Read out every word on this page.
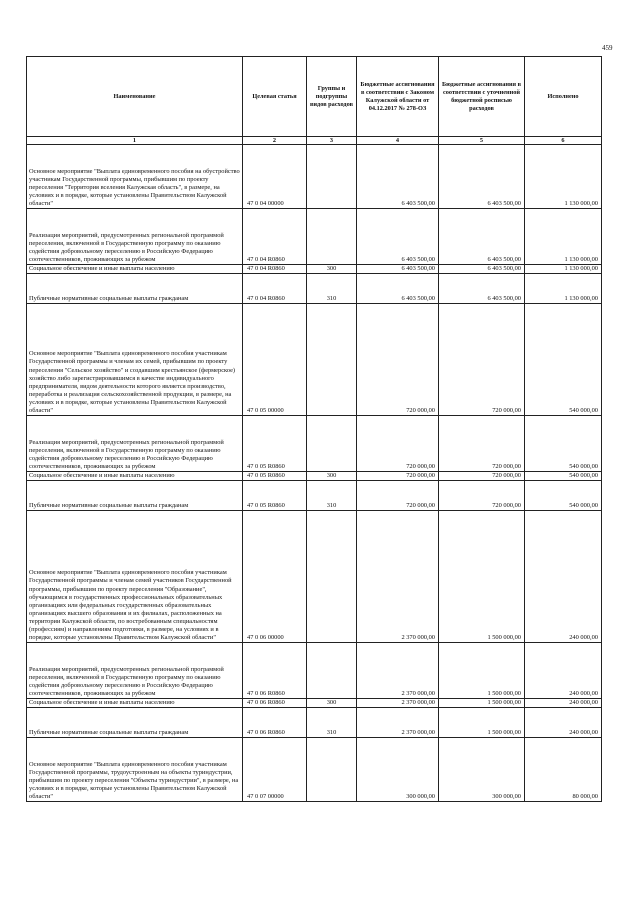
459
Наименование	Целевая статья	Группы и подгруппы видов расходов	Бюджетные ассигнования в соответствии с Законом Калужской области от 04.12.2017 № 278-ОЗ	Бюджетные ассигнования в соответствии с уточненной бюджетной росписью расходов	Исполнено
1	2	3	4	5	6
Основное мероприятие "Выплата единовременного пособия на обустройство участникам Государственной программы, прибывшим по проекту переселения "Территория вселения Калужская область", в размере, на условиях и в порядке, которые установлены Правительством Калужской области"	47 0 04 00000		6 403 500,00	6 403 500,00	1 130 000,00
Реализация мероприятий, предусмотренных региональной программой переселения, включенной в Государственную программу по оказанию содействия добровольному переселению в Российскую Федерацию соотечественников, проживающих за рубежом	47 0 04 R0860		6 403 500,00	6 403 500,00	1 130 000,00
Социальное обеспечение и иные выплаты населению	47 0 04 R0860	300	6 403 500,00	6 403 500,00	1 130 000,00
Публичные нормативные социальные выплаты гражданам	47 0 04 R0860	310	6 403 500,00	6 403 500,00	1 130 000,00
Основное мероприятие "Выплата единовременного пособия участникам Государственной программы и членам их семей, прибывшим по проекту переселения "Сельское хозяйство" и создавшим крестьянское (фермерское) хозяйство либо зарегистрировавшимся в качестве индивидуального предпринимателя, видом деятельности которого является производство, переработка и реализация сельскохозяйственной продукции, в размере, на условиях и в порядке, которые установлены Правительством Калужской области"	47 0 05 00000		720 000,00	720 000,00	540 000,00
Реализация мероприятий, предусмотренных региональной программой переселения, включенной в Государственную программу по оказанию содействия добровольному переселению в Российскую Федерацию соотечественников, проживающих за рубежом	47 0 05 R0860		720 000,00	720 000,00	540 000,00
Социальное обеспечение и иные выплаты населению	47 0 05 R0860	300	720 000,00	720 000,00	540 000,00
Публичные нормативные социальные выплаты гражданам	47 0 05 R0860	310	720 000,00	720 000,00	540 000,00
Основное мероприятие "Выплата единовременного пособия участникам Государственной программы и членам семей участников Государственной программы, прибывшим по проекту переселения "Образование", обучающимся в государственных профессиональных образовательных организациях или федеральных государственных образовательных организациях высшего образования и их филиалах, расположенных на территории Калужской области, по востребованным специальностям (профессиям) и направлениям подготовки, в размере, на условиях и в порядке, которые установлены Правительством Калужской области"	47 0 06 00000		2 370 000,00	1 500 000,00	240 000,00
Реализация мероприятий, предусмотренных региональной программой переселения, включенной в Государственную программу по оказанию содействия добровольному переселению в Российскую Федерацию соотечественников, проживающих за рубежом	47 0 06 R0860		2 370 000,00	1 500 000,00	240 000,00
Социальное обеспечение и иные выплаты населению	47 0 06 R0860	300	2 370 000,00	1 500 000,00	240 000,00
Публичные нормативные социальные выплаты гражданам	47 0 06 R0860	310	2 370 000,00	1 500 000,00	240 000,00
Основное мероприятие "Выплата единовременного пособия участникам Государственной программы, трудоустроенным на объекты туриндустрии, прибывшим по проекту переселения "Объекты туриндустрии", в размере, на условиях и в порядке, которые установлены Правительством Калужской области"	47 0 07 00000		300 000,00	300 000,00	80 000,00
